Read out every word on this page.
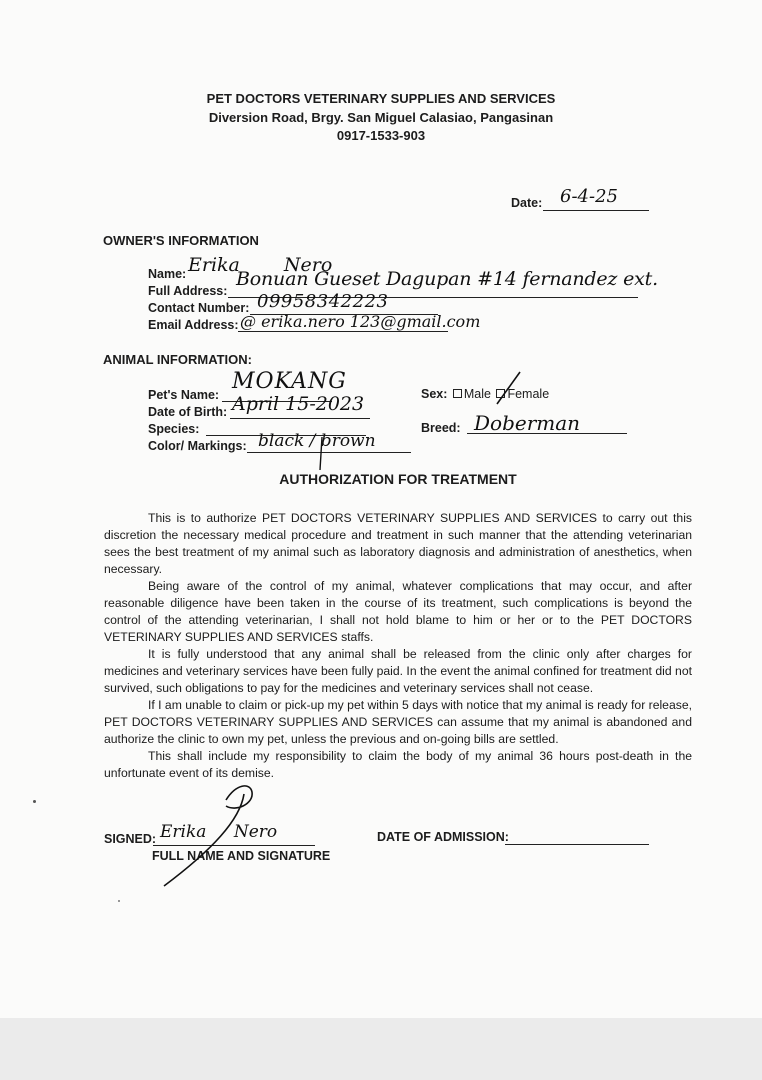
PET DOCTORS VETERINARY SUPPLIES AND SERVICES
Diversion Road, Brgy. San Miguel Calasiao, Pangasinan
0917-1533-903
Date: 6-4-25
OWNER'S INFORMATION
Name: Erika Nero
Full Address:
Bonuan Gueset Dagupan #14 fernandez ext.
Contact Number: 09958342223
Email Address: @ erika.nero 123@gmail.com
ANIMAL INFORMATION:
Pet's Name:
MOKANG
Date of Birth: April 15-2023
Species:
Color/ Markings: black / brown
Sex: Male Female
Breed: Doberman
AUTHORIZATION FOR TREATMENT

This is to authorize PET DOCTORS VETERINARY SUPPLIES AND SERVICES to carry out this discretion the necessary medical procedure and treatment in such manner that the attending veterinarian sees the best treatment of my animal such as laboratory diagnosis and administration of anesthetics, when necessary.

Being aware of the control of my animal, whatever complications that may occur, and after reasonable diligence have been taken in the course of its treatment, such complications is beyond the control of the attending veterinarian, I shall not hold blame to him or her or to the PET DOCTORS VETERINARY SUPPLIES AND SERVICES staffs.

It is fully understood that any animal shall be released from the clinic only after charges for medicines and veterinary services have been fully paid. In the event the animal confined for treatment did not survived, such obligations to pay for the medicines and veterinary services shall not cease.

If I am unable to claim or pick-up my pet within 5 days with notice that my animal is ready for release, PET DOCTORS VETERINARY SUPPLIES AND SERVICES can assume that my animal is abandoned and authorize the clinic to own my pet, unless the previous and on-going bills are settled.

This shall include my responsibility to claim the body of my animal 36 hours post-death in the unfortunate event of its demise.

SIGNED: Erika Nero
FULL NAME AND SIGNATURE
DATE OF ADMISSION:
